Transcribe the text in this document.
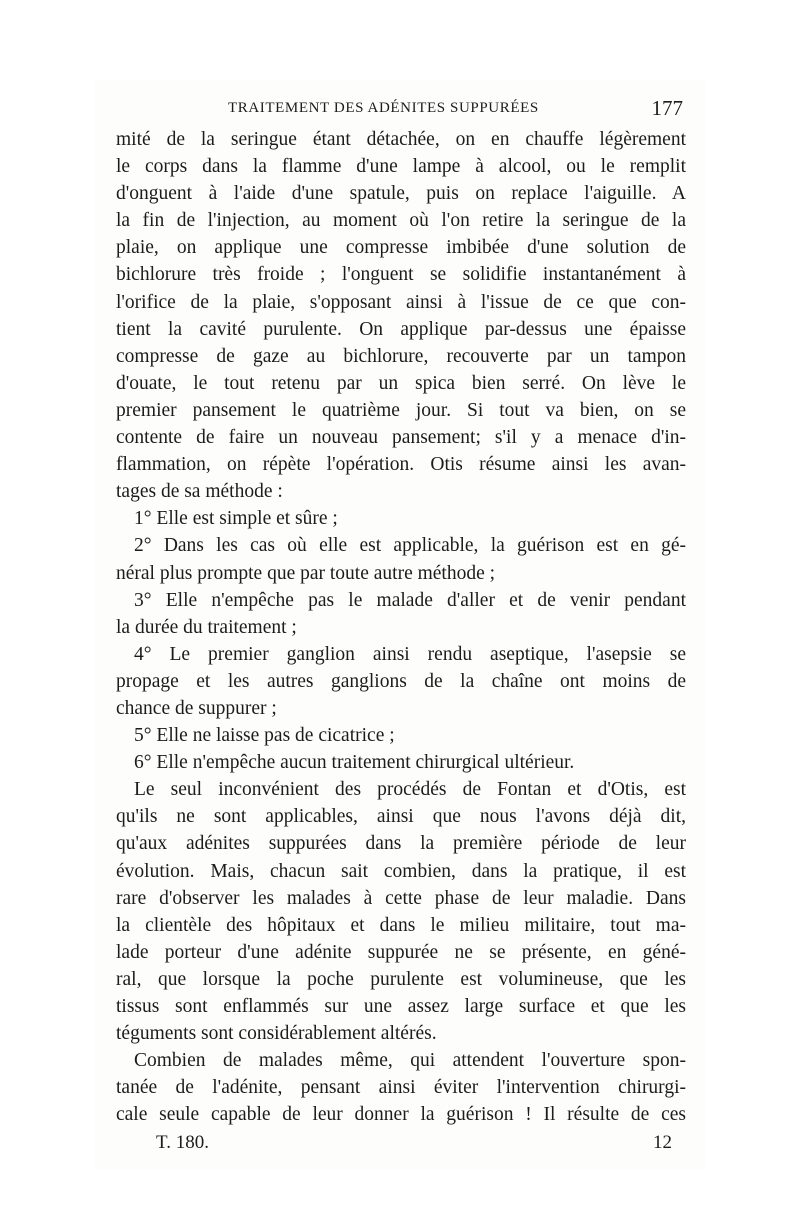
TRAITEMENT DES ADÉNITES SUPPURÉES	177
mité de la seringue étant détachée, on en chauffe légèrement
le corps dans la flamme d'une lampe à alcool, ou le remplit
d'onguent à l'aide d'une spatule, puis on replace l'aiguille. A
la fin de l'injection, au moment où l'on retire la seringue de la
plaie, on applique une compresse imbibée d'une solution de
bichlorure très froide ; l'onguent se solidifie instantanément à
l'orifice de la plaie, s'opposant ainsi à l'issue de ce que con-
tient la cavité purulente. On applique par-dessus une épaisse
compresse de gaze au bichlorure, recouverte par un tampon
d'ouate, le tout retenu par un spica bien serré. On lève le
premier pansement le quatrième jour. Si tout va bien, on se
contente de faire un nouveau pansement; s'il y a menace d'in-
flammation, on répète l'opération. Otis résume ainsi les avan-
tages de sa méthode :
1° Elle est simple et sûre ;
2° Dans les cas où elle est applicable, la guérison est en gé-
néral plus prompte que par toute autre méthode ;
3° Elle n'empêche pas le malade d'aller et de venir pendant
la durée du traitement ;
4° Le premier ganglion ainsi rendu aseptique, l'asepsie se
propage et les autres ganglions de la chaîne ont moins de
chance de suppurer ;
5° Elle ne laisse pas de cicatrice ;
6° Elle n'empêche aucun traitement chirurgical ultérieur.
Le seul inconvénient des procédés de Fontan et d'Otis, est
qu'ils ne sont applicables, ainsi que nous l'avons déjà dit,
qu'aux adénites suppurées dans la première période de leur
évolution. Mais, chacun sait combien, dans la pratique, il est
rare d'observer les malades à cette phase de leur maladie. Dans
la clientèle des hôpitaux et dans le milieu militaire, tout ma-
lade porteur d'une adénite suppurée ne se présente, en géné-
ral, que lorsque la poche purulente est volumineuse, que les
tissus sont enflammés sur une assez large surface et que les
téguments sont considérablement altérés.
Combien de malades même, qui attendent l'ouverture spon-
tanée de l'adénite, pensant ainsi éviter l'intervention chirurgi-
cale seule capable de leur donner la guérison ! Il résulte de ces
T. 180.	12
